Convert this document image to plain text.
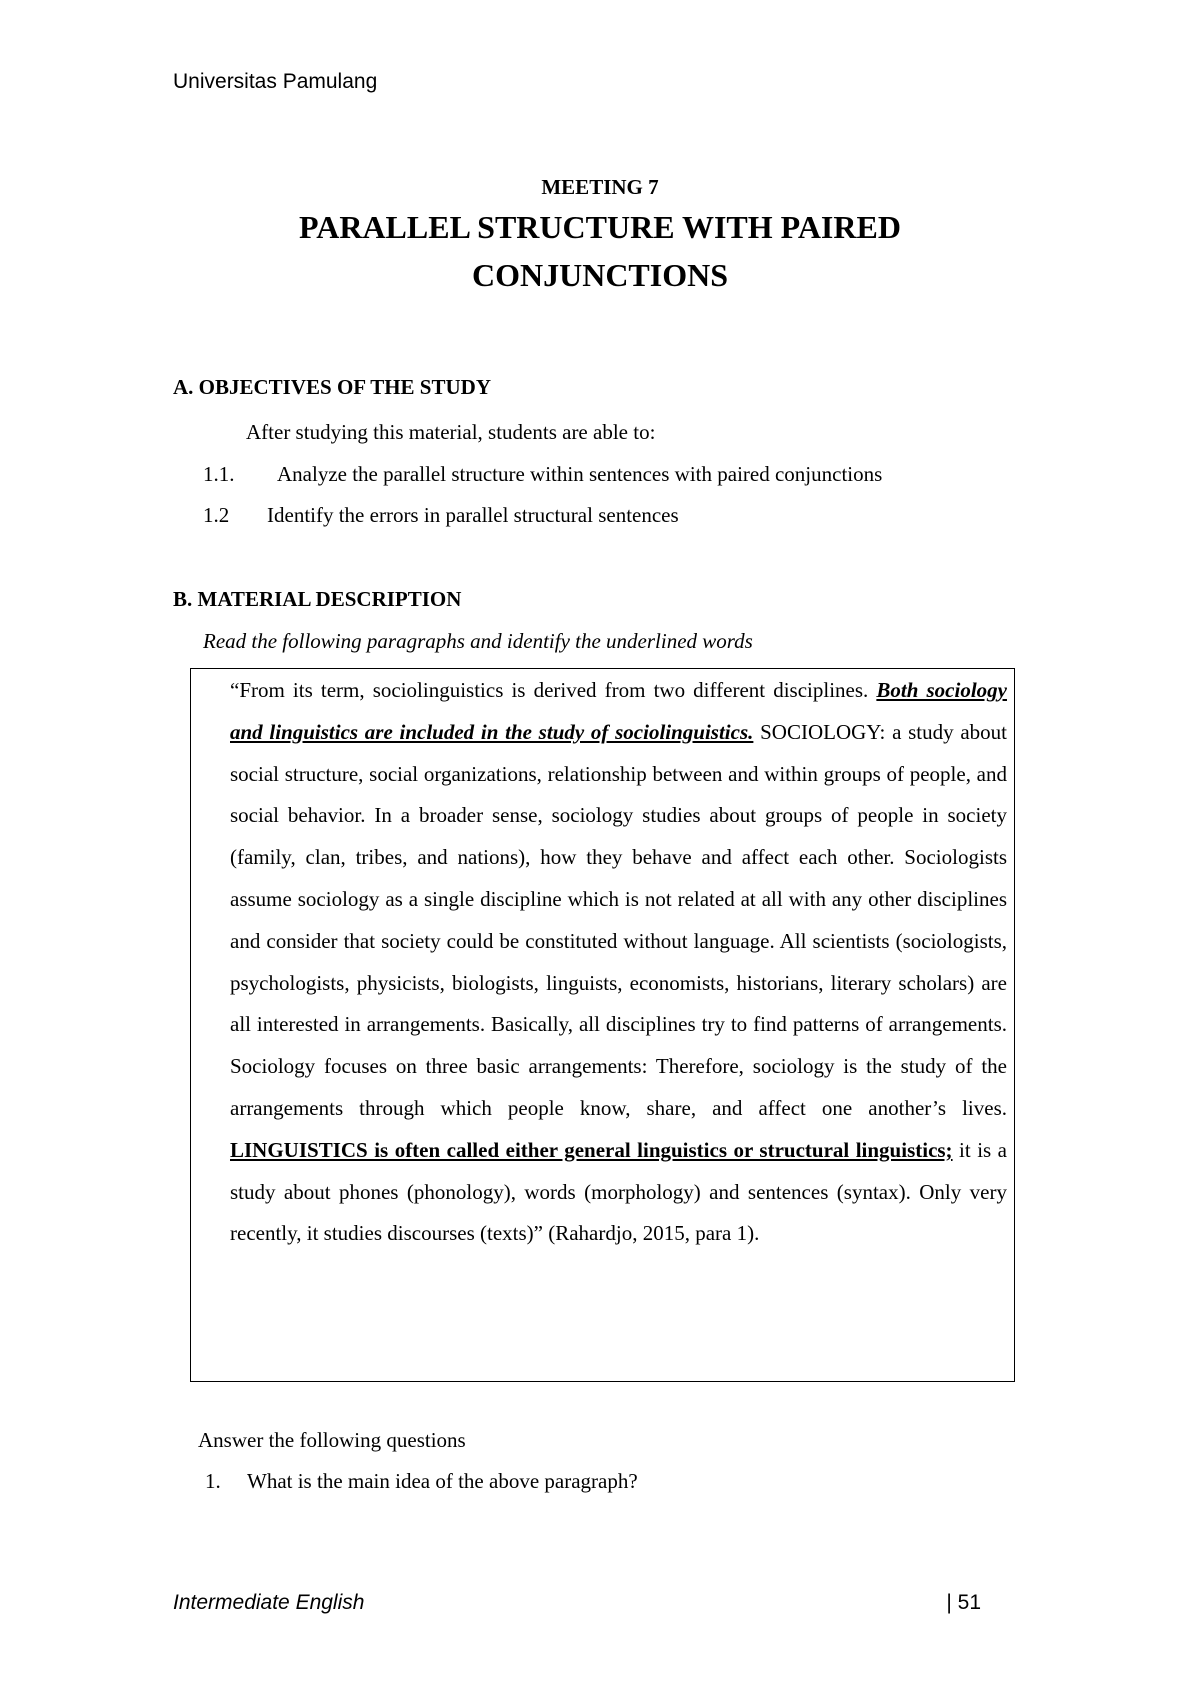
Universitas Pamulang
MEETING 7
PARALLEL STRUCTURE WITH PAIRED
CONJUNCTIONS
A. OBJECTIVES OF THE STUDY
After studying this material, students are able to:
1.1. Analyze the parallel structure within sentences with paired conjunctions
1.2 Identify the errors in parallel structural sentences
B. MATERIAL DESCRIPTION
Read the following paragraphs and identify the underlined words
“From its term, sociolinguistics is derived from two different disciplines. Both sociology and linguistics are included in the study of sociolinguistics. SOCIOLOGY: a study about social structure, social organizations, relationship between and within groups of people, and social behavior. In a broader sense, sociology studies about groups of people in society (family, clan, tribes, and nations), how they behave and affect each other. Sociologists assume sociology as a single discipline which is not related at all with any other disciplines and consider that society could be constituted without language. All scientists (sociologists, psychologists, physicists, biologists, linguists, economists, historians, literary scholars) are all interested in arrangements. Basically, all disciplines try to find patterns of arrangements. Sociology focuses on three basic arrangements: Therefore, sociology is the study of the arrangements through which people know, share, and affect one another’s lives. LINGUISTICS is often called either general linguistics or structural linguistics; it is a study about phones (phonology), words (morphology) and sentences (syntax). Only very recently, it studies discourses (texts)” (Rahardjo, 2015, para 1).
Answer the following questions
1. What is the main idea of the above paragraph?
Intermediate English	| 51
